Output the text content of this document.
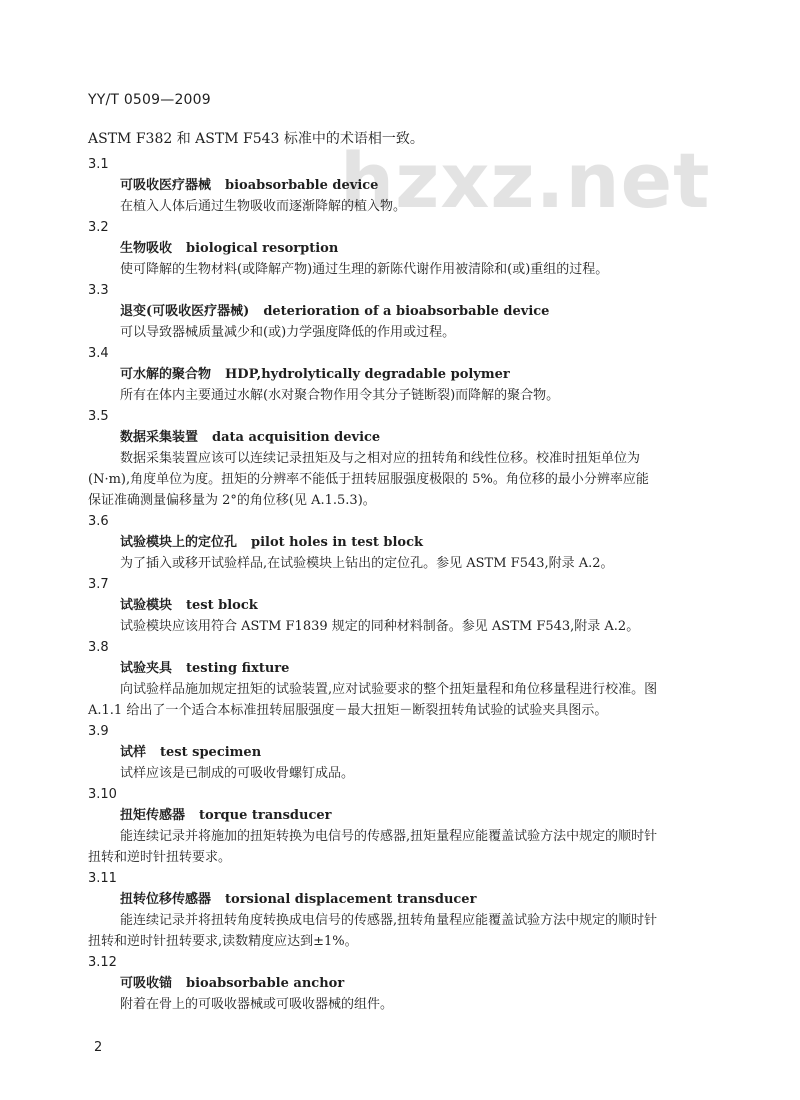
YY/T 0509—2009
hzxz.net
ASTM F382 和 ASTM F543 标准中的术语相一致。
3.1
可吸收医疗器械 bioabsorbable device
在植入人体后通过生物吸收而逐渐降解的植入物。
3.2
生物吸收 biological resorption
使可降解的生物材料(或降解产物)通过生理的新陈代谢作用被清除和(或)重组的过程。
3.3
退变(可吸收医疗器械) deterioration of a bioabsorbable device
可以导致器械质量减少和(或)力学强度降低的作用或过程。
3.4
可水解的聚合物 HDP,hydrolytically degradable polymer
所有在体内主要通过水解(水对聚合物作用令其分子链断裂)而降解的聚合物。
3.5
数据采集装置 data acquisition device
数据采集装置应该可以连续记录扭矩及与之相对应的扭转角和线性位移。校准时扭矩单位为
(N·m),角度单位为度。扭矩的分辨率不能低于扭转屈服强度极限的 5%。角位移的最小分辨率应能
保证准确测量偏移量为 2°的角位移(见 A.1.5.3)。
3.6
试验模块上的定位孔 pilot holes in test block
为了插入或移开试验样品,在试验模块上钻出的定位孔。参见 ASTM F543,附录 A.2。
3.7
试验模块 test block
试验模块应该用符合 ASTM F1839 规定的同种材料制备。参见 ASTM F543,附录 A.2。
3.8
试验夹具 testing fixture
向试验样品施加规定扭矩的试验装置,应对试验要求的整个扭矩量程和角位移量程进行校准。图
A.1.1 给出了一个适合本标准扭转屈服强度－最大扭矩－断裂扭转角试验的试验夹具图示。
3.9
试样 test specimen
试样应该是已制成的可吸收骨螺钉成品。
3.10
扭矩传感器 torque transducer
能连续记录并将施加的扭矩转换为电信号的传感器,扭矩量程应能覆盖试验方法中规定的顺时针
扭转和逆时针扭转要求。
3.11
扭转位移传感器 torsional displacement transducer
能连续记录并将扭转角度转换成电信号的传感器,扭转角量程应能覆盖试验方法中规定的顺时针
扭转和逆时针扭转要求,读数精度应达到±1%。
3.12
可吸收锚 bioabsorbable anchor
附着在骨上的可吸收器械或可吸收器械的组件。
2
